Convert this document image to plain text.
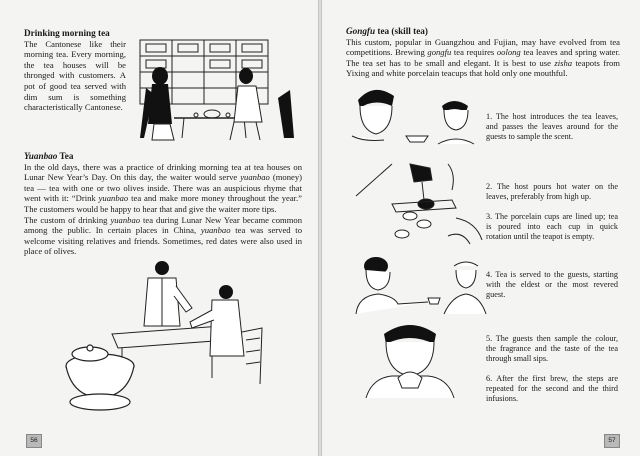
Drinking morning tea

The Cantonese like their morning tea. Every morning, the tea houses will be thronged with customers. A pot of good tea served with dim sum is something characteristically Cantonese.

Yuanbao Tea

In the old days, there was a practice of drinking morning tea at tea houses on Lunar New Year’s Day. On this day, the waiter would serve yuanbao (money) tea — tea with one or two olives inside. There was an auspicious rhyme that went with it: “Drink yuanbao tea and make more money throughout the year.” The customers would be happy to hear that and give the waiter more tips.

The custom of drinking yuanbao tea during Lunar New Year became common among the public. In certain places in China, yuanbao tea was served to welcome visiting relatives and friends. Sometimes, red dates were also used in place of olives.

56

Gongfu tea (skill tea)

This custom, popular in Guangzhou and Fujian, may have evolved from tea competitions. Brewing gongfu tea requires oolong tea leaves and spring water. The tea set has to be small and elegant. It is best to use zisha teapots from Yixing and white porcelain teacups that hold only one mouthful.

1. The host introduces the tea leaves, and passes the leaves around for the guests to sample the scent.

2. The host pours hot water on the leaves, preferably from high up.

3. The porcelain cups are lined up; tea is poured into each cup in quick rotation until the teapot is empty.

4. Tea is served to the guests, starting with the eldest or the most revered guest.

5. The guests then sample the colour, the fragrance and the taste of the tea through small sips.

6. After the first brew, the steps are repeated for the second and the third infusions.

57
